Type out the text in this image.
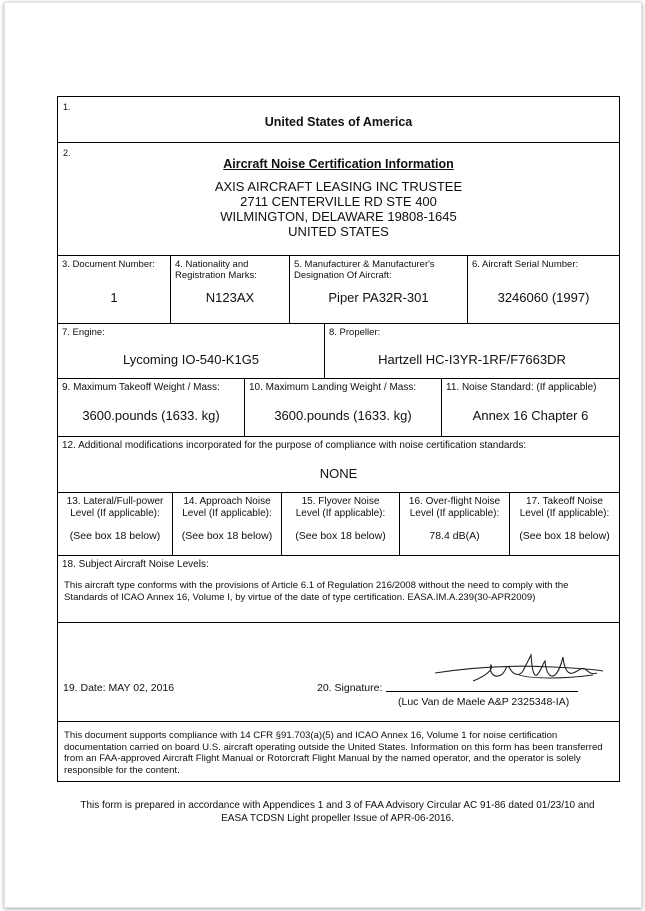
1.
United States of America
2.
Aircraft Noise Certification Information
AXIS AIRCRAFT LEASING INC TRUSTEE
2711 CENTERVILLE RD STE 400
WILMINGTON, DELAWARE 19808-1645
UNITED STATES
3. Document Number:
1
4. Nationality and Registration Marks:
N123AX
5. Manufacturer & Manufacturer's Designation Of Aircraft:
Piper PA32R-301
6. Aircraft Serial Number:
3246060 (1997)
7. Engine:
Lycoming IO-540-K1G5
8. Propeller:
Hartzell HC-I3YR-1RF/F7663DR
9. Maximum Takeoff Weight / Mass:
3600.pounds (1633. kg)
10. Maximum Landing Weight / Mass:
3600.pounds (1633. kg)
11. Noise Standard: (If applicable)
Annex 16 Chapter 6
12. Additional modifications incorporated for the purpose of compliance with noise certification standards:
NONE
13. Lateral/Full-power
Level (If applicable):
(See box 18 below)
14. Approach Noise
Level (If applicable):
(See box 18 below)
15. Flyover Noise
Level (If applicable):
(See box 18 below)
16. Over-flight Noise
Level (If applicable):
78.4 dB(A)
17. Takeoff Noise
Level (If applicable):
(See box 18 below)
18. Subject Aircraft Noise Levels:
This aircraft type conforms with the provisions of Article 6.1 of Regulation 216/2008 without the need to comply with the Standards of ICAO Annex 16, Volume I, by virtue of the date of type certification. EASA.IM.A.239(30-APR2009)
19. Date: MAY 02, 2016	20. Signature:
(Luc Van de Maele A&P 2325348-IA)
This document supports compliance with 14 CFR §91.703(a)(5) and ICAO Annex 16, Volume 1 for noise certification documentation carried on board U.S. aircraft operating outside the United States. Information on this form has been transferred from an FAA-approved Aircraft Flight Manual or Rotorcraft Flight Manual by the named operator, and the operator is solely responsible for the content.
This form is prepared in accordance with Appendices 1 and 3 of FAA Advisory Circular AC 91-86 dated 01/23/10 and
EASA TCDSN Light propeller Issue of APR-06-2016.
